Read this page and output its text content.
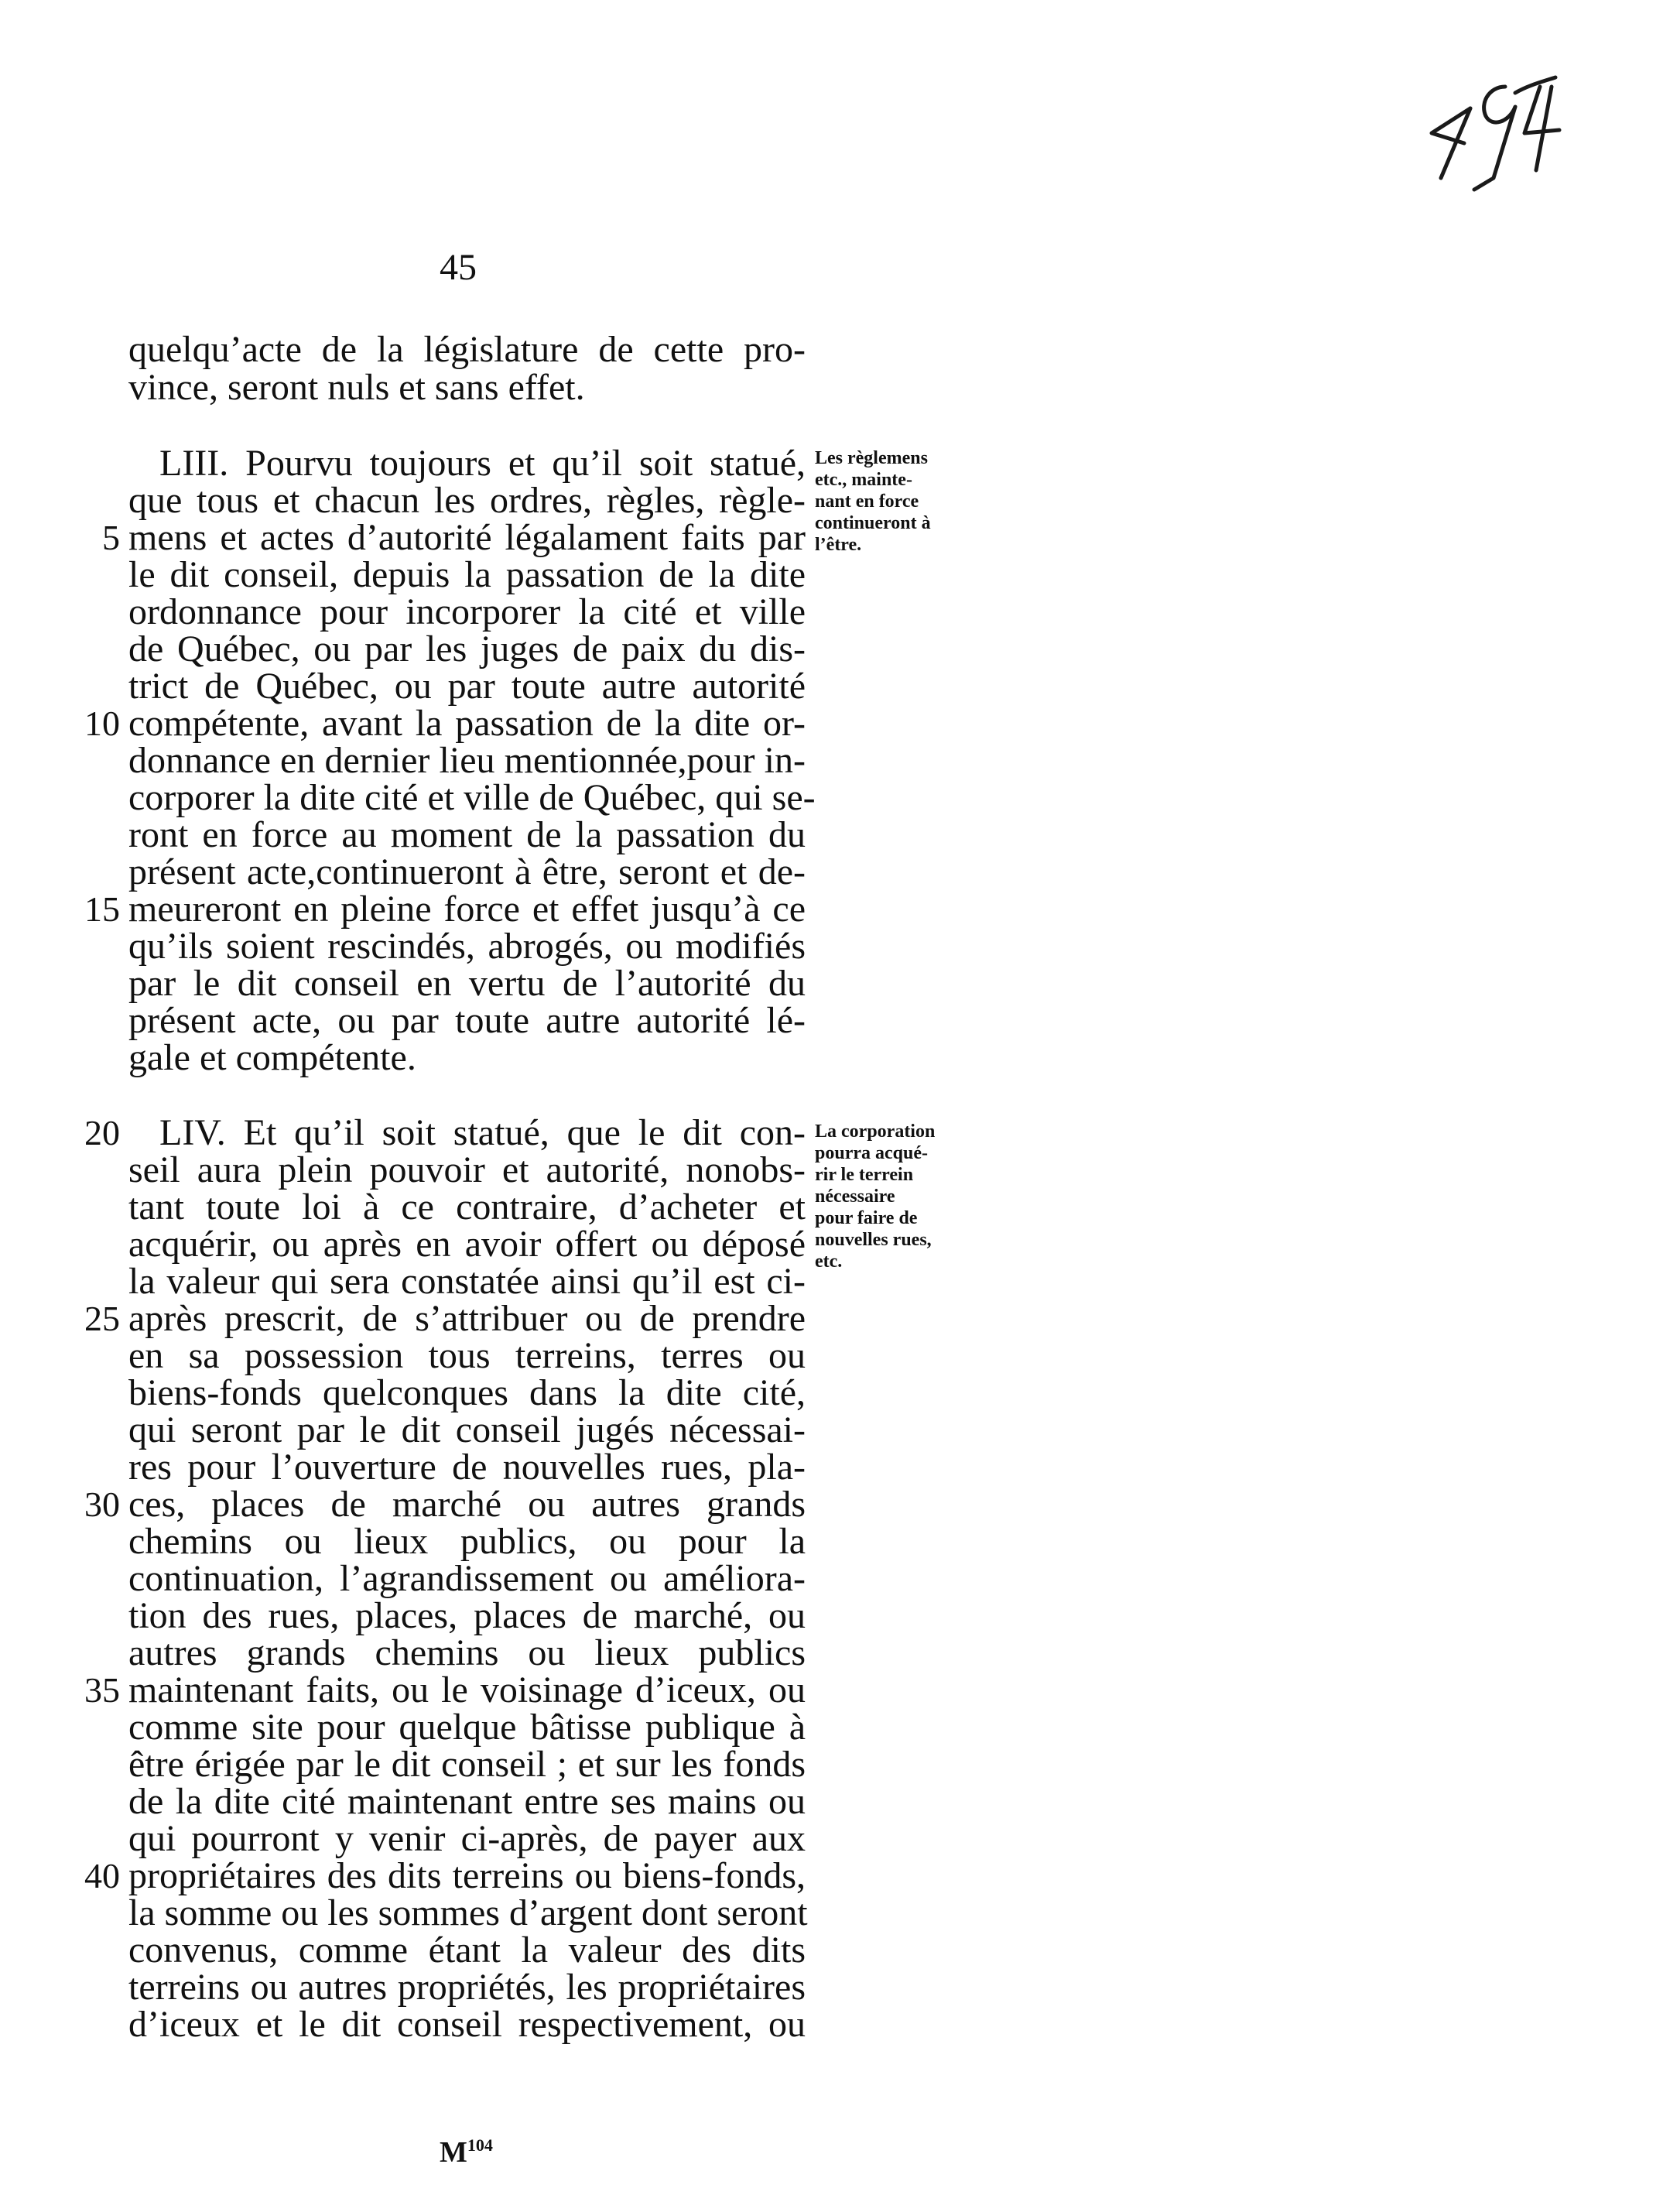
45
quelqu’acte de la législature de cette pro-
vince, seront nuls et sans effet.
LIII. Pourvu toujours et qu’il soit statué,
que tous et chacun les ordres, règles, règle-
mens et actes d’autorité légalament faits par
le dit conseil, depuis la passation de la dite
ordonnance pour incorporer la cité et ville
de Québec, ou par les juges de paix du dis-
trict de Québec, ou par toute autre autorité
compétente, avant la passation de la dite or-
donnance en dernier lieu mentionnée,pour in-
corporer la dite cité et ville de Québec, qui se-
ront en force au moment de la passation du
présent acte,continueront à être, seront et de-
meureront en pleine force et effet jusqu’à ce
qu’ils soient rescindés, abrogés, ou modifiés
par le dit conseil en vertu de l’autorité du
présent acte, ou par toute autre autorité lé-
gale et compétente.
LIV. Et qu’il soit statué, que le dit con-
seil aura plein pouvoir et autorité, nonobs-
tant toute loi à ce contraire, d’acheter et
acquérir, ou après en avoir offert ou déposé
la valeur qui sera constatée ainsi qu’il est ci-
après prescrit, de s’attribuer ou de prendre
en sa possession tous terreins, terres ou
biens-fonds quelconques dans la dite cité,
qui seront par le dit conseil jugés nécessai-
res pour l’ouverture de nouvelles rues, pla-
ces, places de marché ou autres grands
chemins ou lieux publics, ou pour la
continuation, l’agrandissement ou améliora-
tion des rues, places, places de marché, ou
autres grands chemins ou lieux publics
maintenant faits, ou le voisinage d’iceux, ou
comme site pour quelque bâtisse publique à
être érigée par le dit conseil ; et sur les fonds
de la dite cité maintenant entre ses mains ou
qui pourront y venir ci-après, de payer aux
propriétaires des dits terreins ou biens-fonds,
la somme ou les sommes d’argent dont seront
convenus, comme étant la valeur des dits
terreins ou autres propriétés, les propriétaires
d’iceux et le dit conseil respectivement, ou
5
10
15
20
25
30
35
40
Les règlemens
etc., mainte-
nant en force
continueront à
l’être.
La corporation
pourra acqué-
rir le terrein
nécessaire
pour faire de
nouvelles rues,
etc.
$M^{104}$
